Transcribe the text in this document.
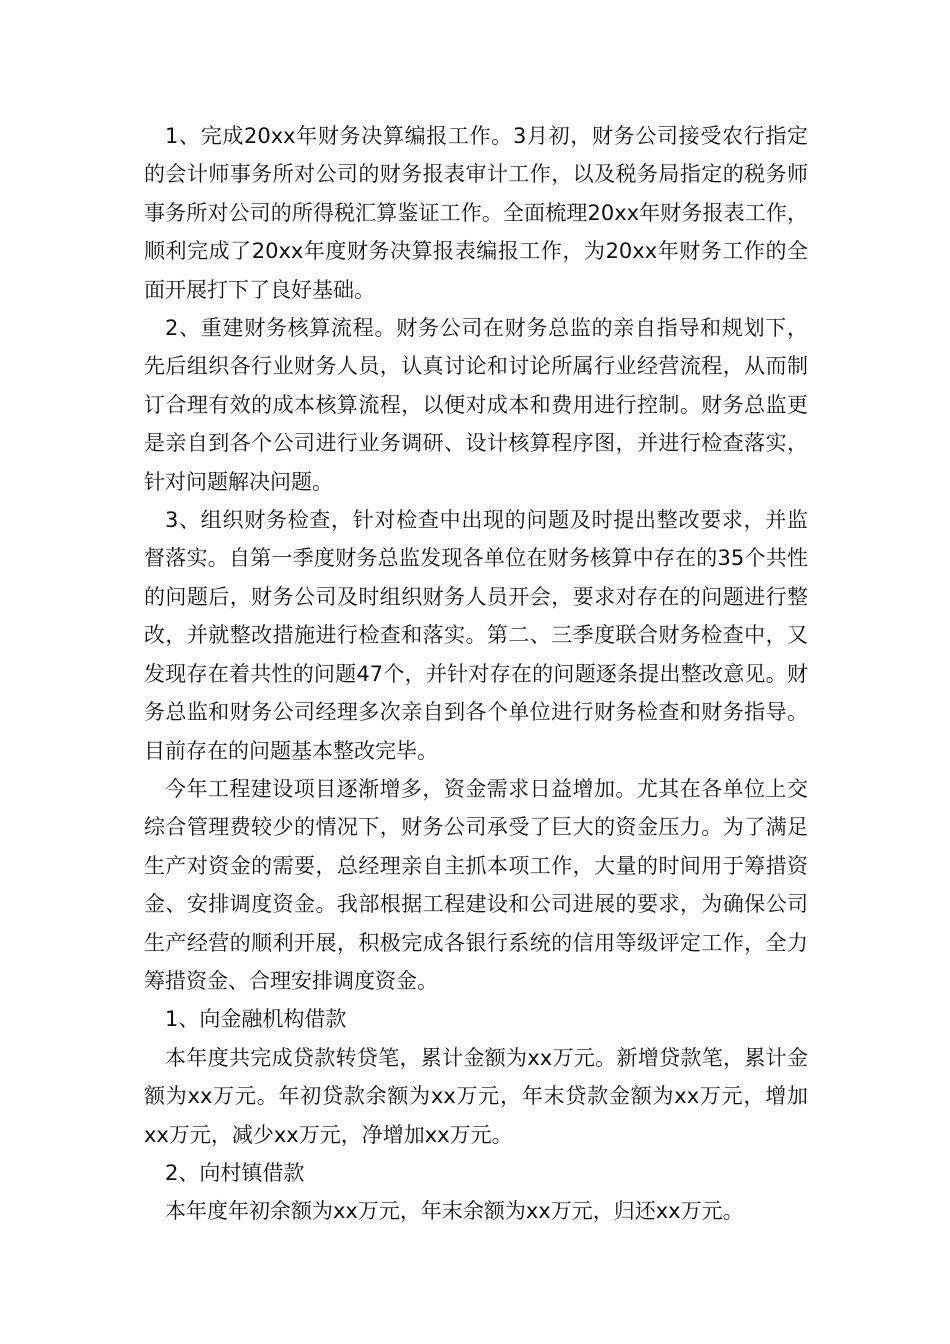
1、完成20xx年财务决算编报工作。3月初，财务公司接受农行指定的会计师事务所对公司的财务报表审计工作，以及税务局指定的税务师事务所对公司的所得税汇算鉴证工作。全面梳理20xx年财务报表工作，顺利完成了20xx年度财务决算报表编报工作，为20xx年财务工作的全面开展打下了良好基础。

2、重建财务核算流程。财务公司在财务总监的亲自指导和规划下，先后组织各行业财务人员，认真讨论和讨论所属行业经营流程，从而制订合理有效的成本核算流程，以便对成本和费用进行控制。财务总监更是亲自到各个公司进行业务调研、设计核算程序图，并进行检查落实，针对问题解决问题。

3、组织财务检查，针对检查中出现的问题及时提出整改要求，并监督落实。自第一季度财务总监发现各单位在财务核算中存在的35个共性的问题后，财务公司及时组织财务人员开会，要求对存在的问题进行整改，并就整改措施进行检查和落实。第二、三季度联合财务检查中，又发现存在着共性的问题47个，并针对存在的问题逐条提出整改意见。财务总监和财务公司经理多次亲自到各个单位进行财务检查和财务指导。目前存在的问题基本整改完毕。

今年工程建设项目逐渐增多，资金需求日益增加。尤其在各单位上交综合管理费较少的情况下，财务公司承受了巨大的资金压力。为了满足生产对资金的需要，总经理亲自主抓本项工作，大量的时间用于筹措资金、安排调度资金。我部根据工程建设和公司进展的要求，为确保公司生产经营的顺利开展，积极完成各银行系统的信用等级评定工作，全力筹措资金、合理安排调度资金。

1、向金融机构借款

本年度共完成贷款转贷笔，累计金额为xx万元。新增贷款笔，累计金额为xx万元。年初贷款余额为xx万元，年末贷款金额为xx万元，增加xx万元，减少xx万元，净增加xx万元。

2、向村镇借款

本年度年初余额为xx万元，年末余额为xx万元，归还xx万元。
